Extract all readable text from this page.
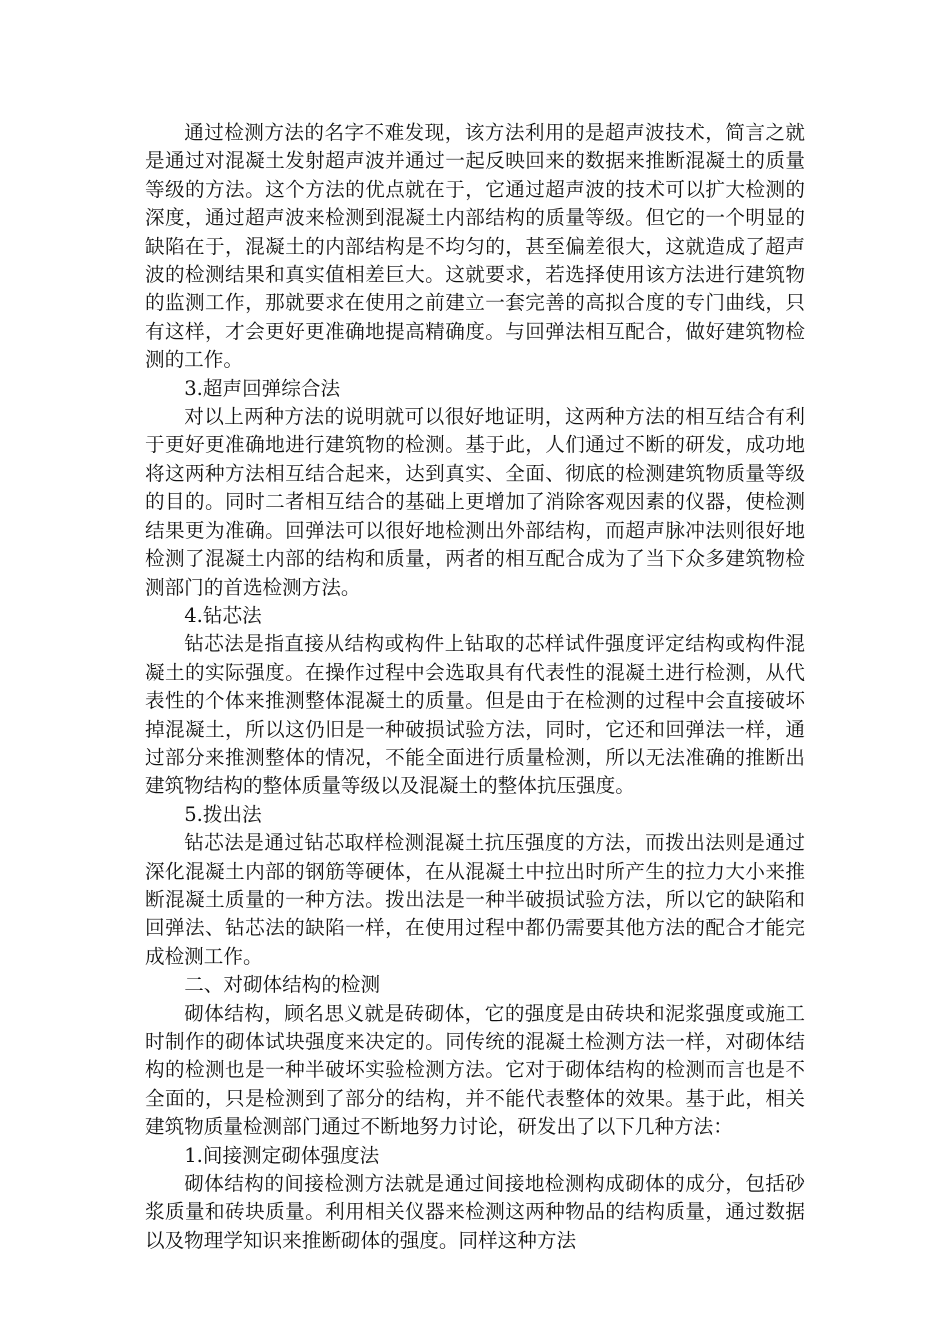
通过检测方法的名字不难发现，该方法利用的是超声波技术，简言之就是通过对混凝土发射超声波并通过一起反映回来的数据来推断混凝土的质量等级的方法。这个方法的优点就在于，它通过超声波的技术可以扩大检测的深度，通过超声波来检测到混凝土内部结构的质量等级。但它的一个明显的缺陷在于，混凝土的内部结构是不均匀的，甚至偏差很大，这就造成了超声波的检测结果和真实值相差巨大。这就要求，若选择使用该方法进行建筑物的监测工作，那就要求在使用之前建立一套完善的高拟合度的专门曲线，只有这样，才会更好更准确地提高精确度。与回弹法相互配合，做好建筑物检测的工作。

3.超声回弹综合法

对以上两种方法的说明就可以很好地证明，这两种方法的相互结合有利于更好更准确地进行建筑物的检测。基于此，人们通过不断的研发，成功地将这两种方法相互结合起来，达到真实、全面、彻底的检测建筑物质量等级的目的。同时二者相互结合的基础上更增加了消除客观因素的仪器，使检测结果更为准确。回弹法可以很好地检测出外部结构，而超声脉冲法则很好地检测了混凝土内部的结构和质量，两者的相互配合成为了当下众多建筑物检测部门的首选检测方法。

4.钻芯法

钻芯法是指直接从结构或构件上钻取的芯样试件强度评定结构或构件混凝土的实际强度。在操作过程中会选取具有代表性的混凝土进行检测，从代表性的个体来推测整体混凝土的质量。但是由于在检测的过程中会直接破坏掉混凝土，所以这仍旧是一种破损试验方法，同时，它还和回弹法一样，通过部分来推测整体的情况，不能全面进行质量检测，所以无法准确的推断出建筑物结构的整体质量等级以及混凝土的整体抗压强度。

5.拨出法

钻芯法是通过钻芯取样检测混凝土抗压强度的方法，而拨出法则是通过深化混凝土内部的钢筋等硬体，在从混凝土中拉出时所产生的拉力大小来推断混凝土质量的一种方法。拨出法是一种半破损试验方法，所以它的缺陷和回弹法、钻芯法的缺陷一样，在使用过程中都仍需要其他方法的配合才能完成检测工作。

二、对砌体结构的检测

砌体结构，顾名思义就是砖砌体，它的强度是由砖块和泥浆强度或施工时制作的砌体试块强度来决定的。同传统的混凝土检测方法一样，对砌体结构的检测也是一种半破坏实验检测方法。它对于砌体结构的检测而言也是不全面的，只是检测到了部分的结构，并不能代表整体的效果。基于此，相关建筑物质量检测部门通过不断地努力讨论，研发出了以下几种方法：

1.间接测定砌体强度法

砌体结构的间接检测方法就是通过间接地检测构成砌体的成分，包括砂浆质量和砖块质量。利用相关仪器来检测这两种物品的结构质量，通过数据以及物理学知识来推断砌体的强度。同样这种方法
